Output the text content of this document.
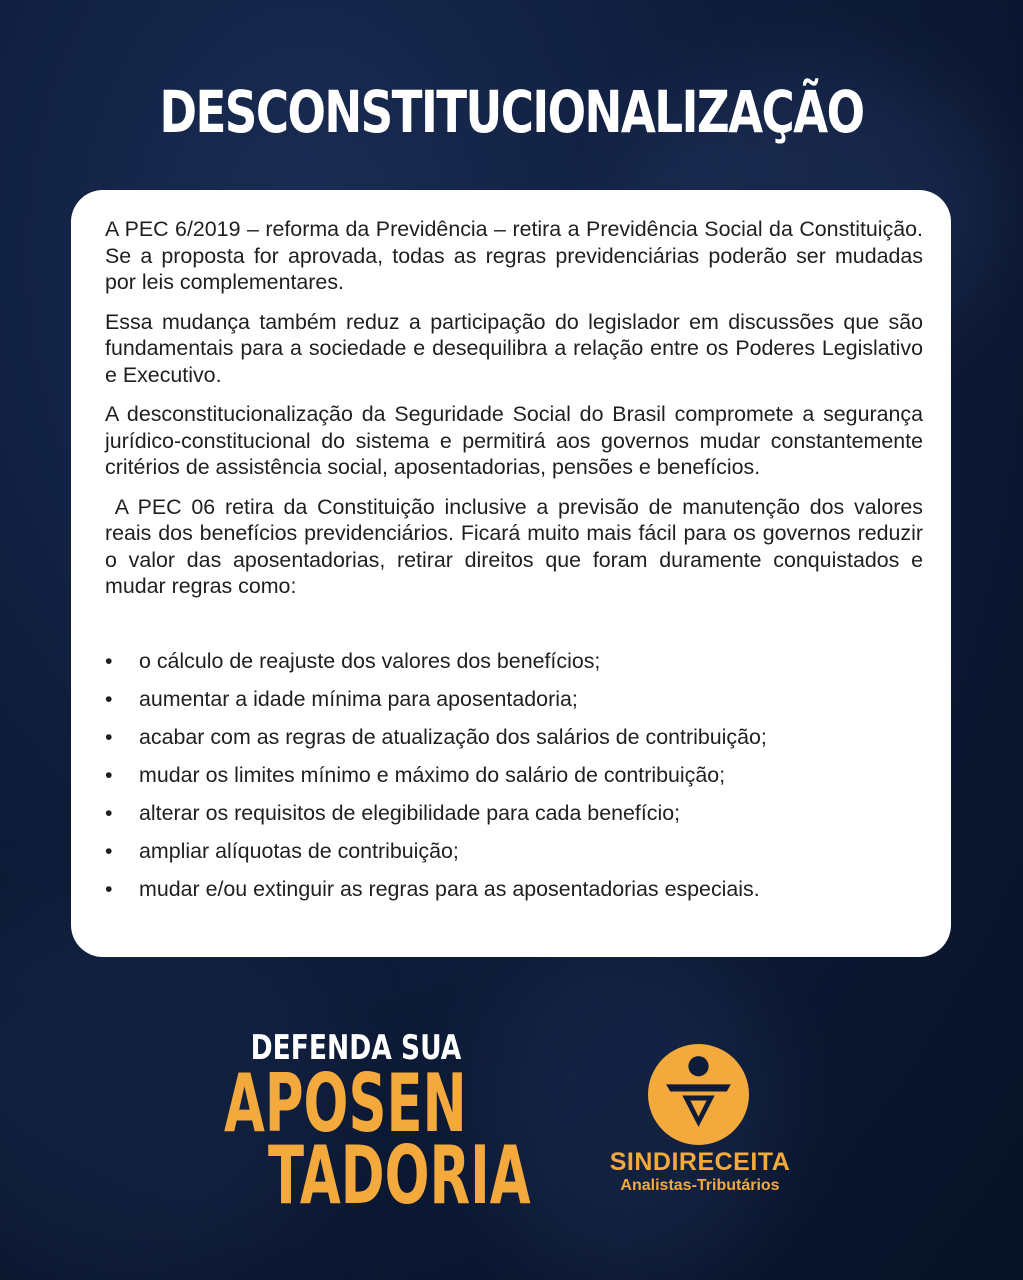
DESCONSTITUCIONALIZAÇÃO

A PEC 6/2019 – reforma da Previdência – retira a Previdência Social da Constituição. Se a proposta for aprovada, todas as regras previdenciárias poderão ser mudadas por leis complementares.

Essa mudança também reduz a participação do legislador em discussões que são fundamentais para a sociedade e desequilibra a relação entre os Poderes Legislativo e Executivo.

A desconstitucionalização da Seguridade Social do Brasil compromete a segurança jurídico-constitucional do sistema e permitirá aos governos mudar constantemente critérios de assistência social, aposentadorias, pensões e benefícios.

A PEC 06 retira da Constituição inclusive a previsão de manutenção dos valores reais dos benefícios previdenciários. Ficará muito mais fácil para os governos reduzir o valor das aposentadorias, retirar direitos que foram duramente conquistados e mudar regras como:

•	o cálculo de reajuste dos valores dos benefícios;
•	aumentar a idade mínima para aposentadoria;
•	acabar com as regras de atualização dos salários de contribuição;
•	mudar os limites mínimo e máximo do salário de contribuição;
•	alterar os requisitos de elegibilidade para cada benefício;
•	ampliar alíquotas de contribuição;
•	mudar e/ou extinguir as regras para as aposentadorias especiais.
DEFENDA SUA
APOSEN
TADORIA	SINDIRECEITA
Analistas-Tributários
